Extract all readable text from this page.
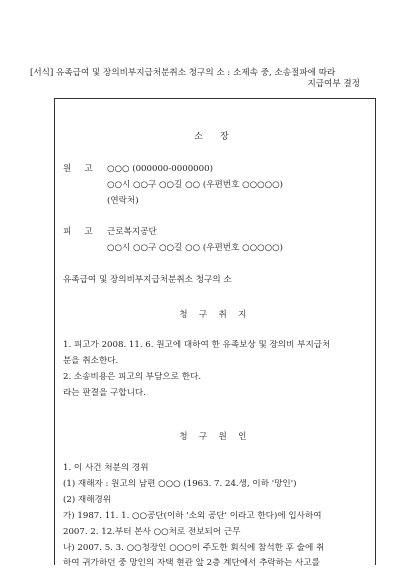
[서식] 유족급여 및 장의비부지급처분취소 청구의 소 : 소제속 중, 소송절파에 따라
지급여부 결정
소 장
원 고 ○○○ (000000-0000000)
○○시 ○○구 ○○길 ○○ (우편번호 ○○○○○)
(연락처)
피 고 근로복지공단
○○시 ○○구 ○○길 ○○ (우편번호 ○○○○○)
유족급여 및 장의비부지급처분취소 청구의 소
청 구 취 지
1. 피고가 2008. 11. 6. 원고에 대하여 한 유족보상 및 장의비 부지급처
분을 취소한다.
2. 소송비용은 피고의 부담으로 한다.
라는 판결을 구합니다.
청 구 원 인
1. 이 사건 처분의 경위
(1) 재해자 : 원고의 남편 ○○○ (1963. 7. 24.생, 이하 '망인')
(2) 재해경위
가) 1987. 11. 1. ○○공단(이하 '소외 공단' 이라고 한다)에 입사하여
2007. 2. 12.부터 본사 ○○처로 전보되어 근무
나) 2007. 5. 3. ○○청장인 ○○○이 주도한 회식에 참석한 후 술에 취
하여 귀가하던 중 망인의 자택 현관 앞 2층 계단에서 추락하는 사고를
